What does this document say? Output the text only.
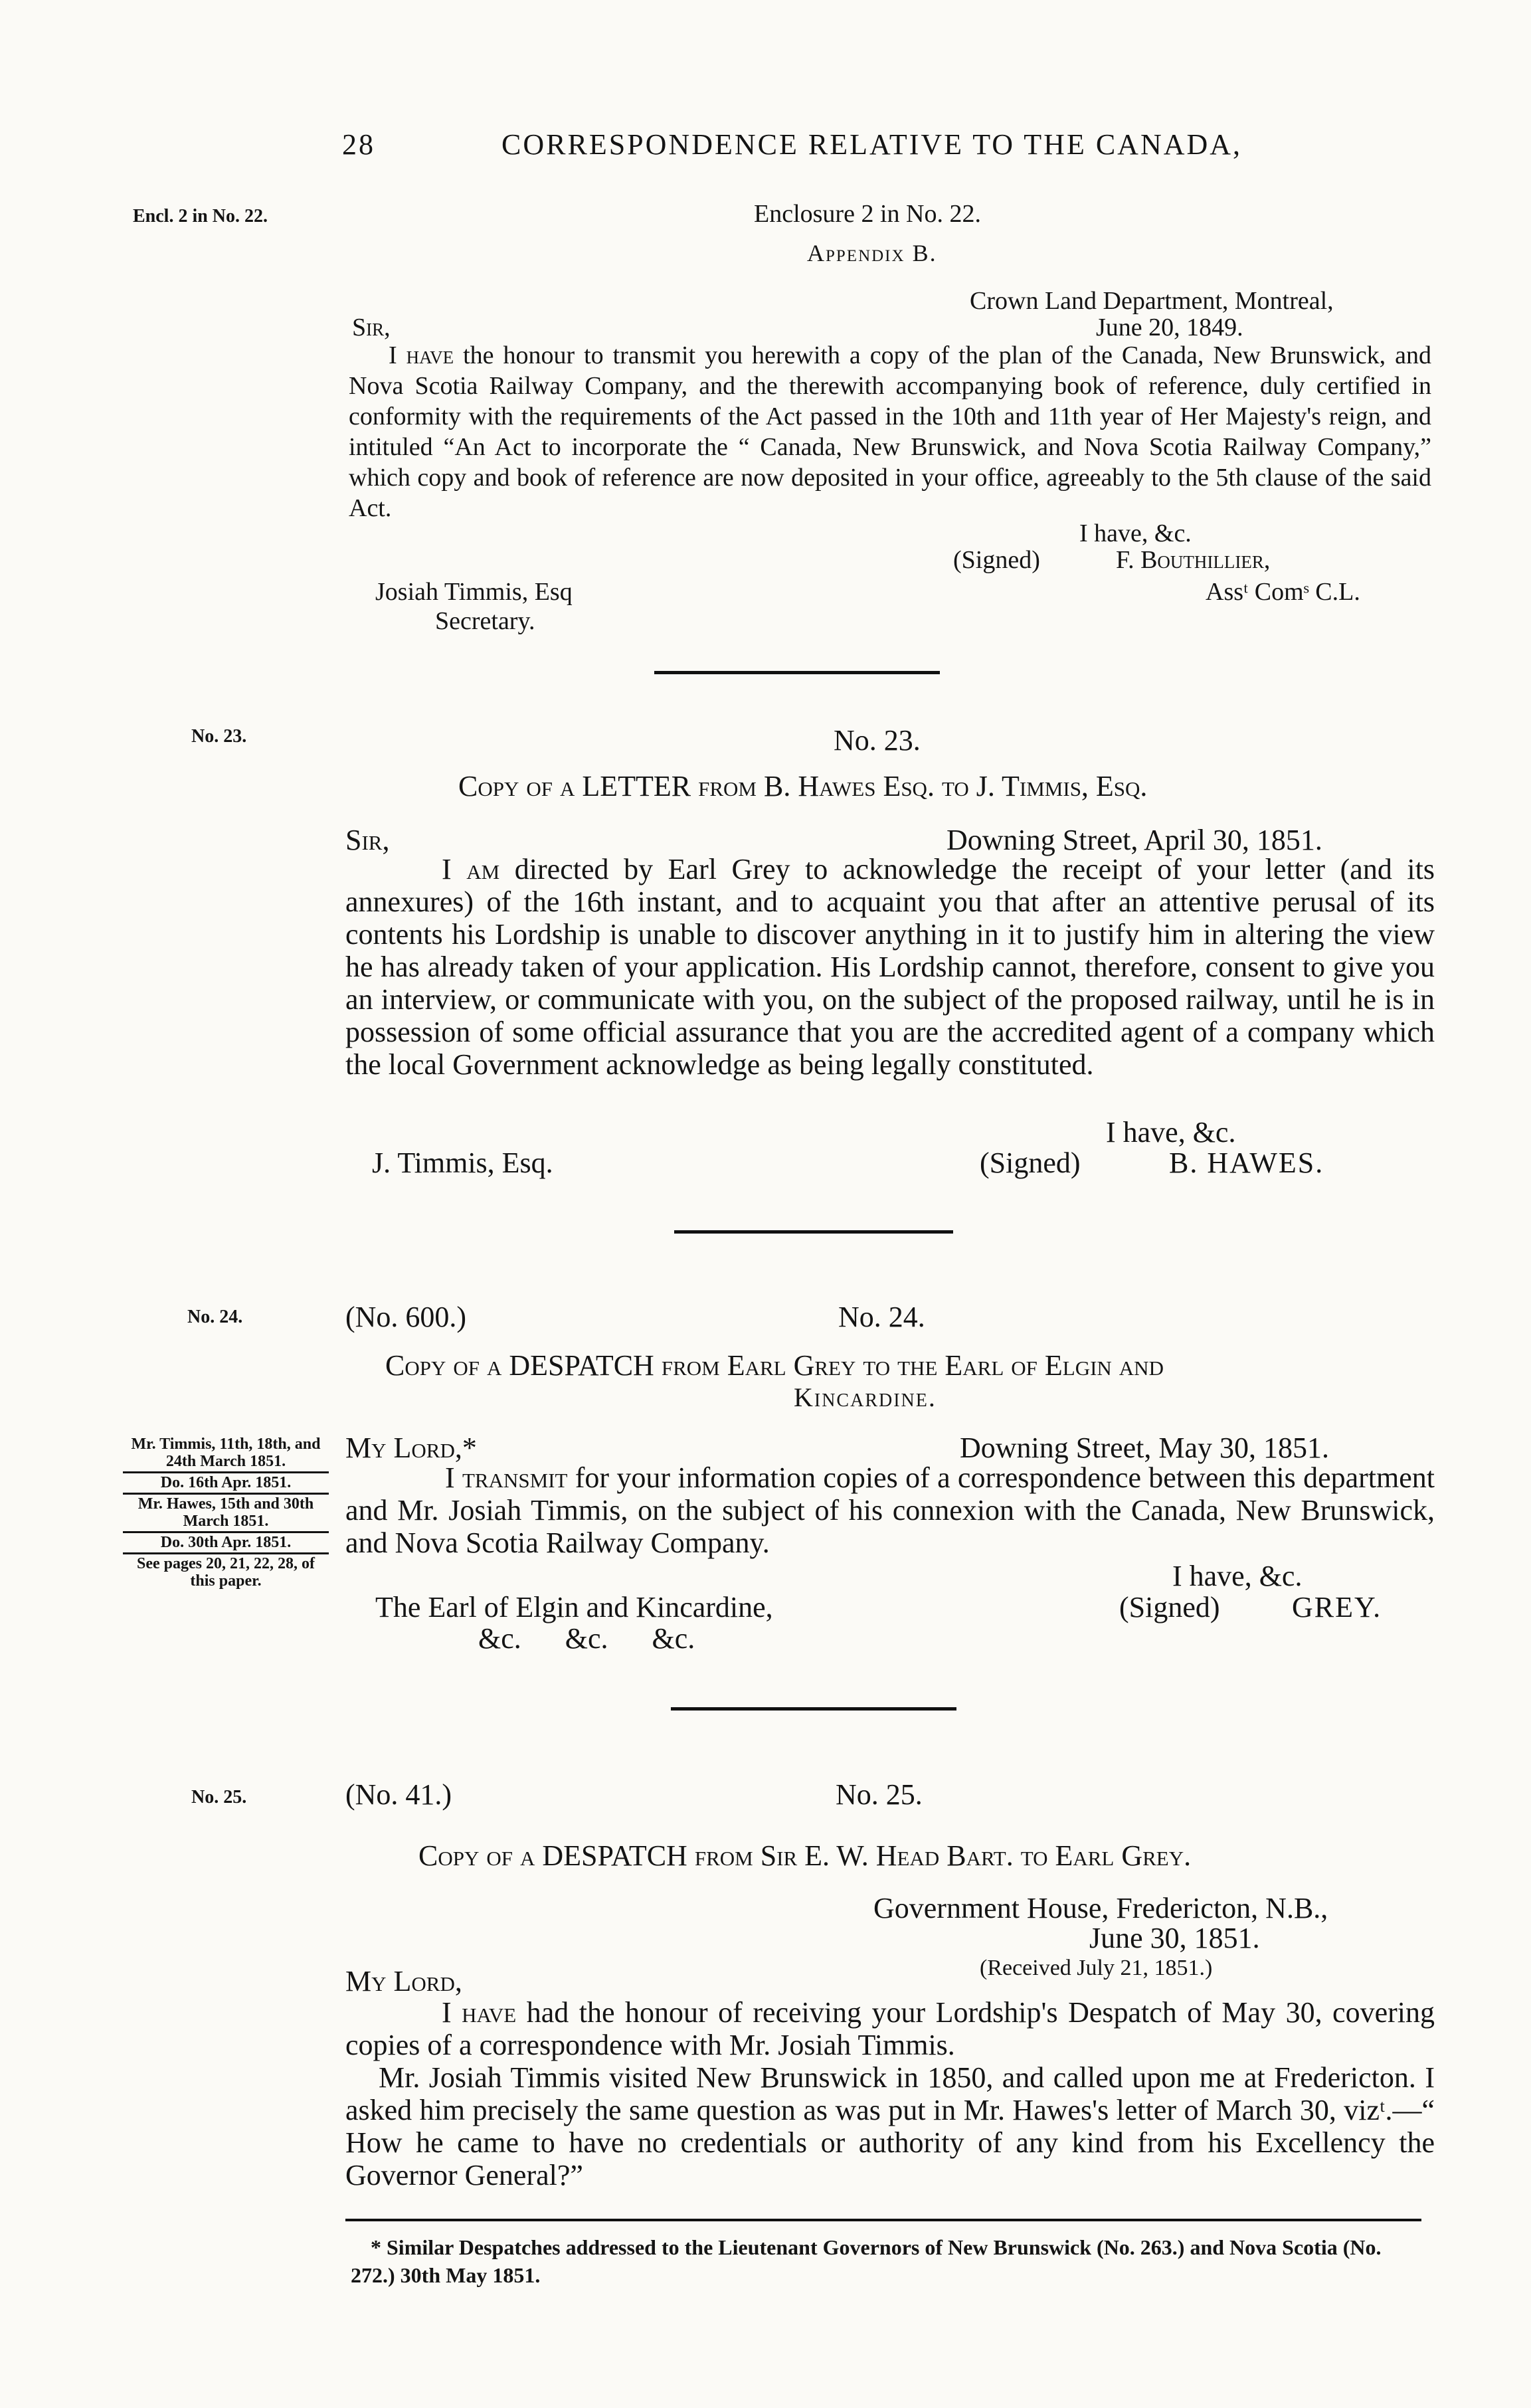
28	CORRESPONDENCE RELATIVE TO THE CANADA,
Encl. 2 in No. 22.	Enclosure 2 in No. 22.
Appendix B.
Crown Land Department, Montreal,
Sir,	June 20, 1849.
I have the honour to transmit you herewith a copy of the plan of the Canada, New Brunswick, and Nova Scotia Railway Company, and the therewith accompanying book of reference, duly certified in conformity with the requirements of the Act passed in the 10th and 11th year of Her Majesty's reign, and intituled “An Act to incorporate the “ Canada, New Brunswick, and Nova Scotia Railway Company,” which copy and book of reference are now deposited in your office, agreeably to the 5th clause of the said Act.
I have, &c.
(Signed)	F. Bouthillier,
Josiah Timmis, Esq	Assᵗ Comˢ C.L.
Secretary.
No. 23.	No. 23.
Copy of a LETTER from B. Hawes Esq. to J. Timmis, Esq.
Sir,	Downing Street, April 30, 1851.
I am directed by Earl Grey to acknowledge the receipt of your letter (and its annexures) of the 16th instant, and to acquaint you that after an attentive perusal of its contents his Lordship is unable to discover anything in it to justify him in altering the view he has already taken of your application. His Lordship cannot, therefore, consent to give you an interview, or communicate with you, on the subject of the proposed railway, until he is in possession of some official assurance that you are the accredited agent of a company which the local Government acknowledge as being legally constituted.
I have, &c.
J. Timmis, Esq.	(Signed)	B. HAWES.
No. 24.	(No. 600.)	No. 24.
Copy of a DESPATCH from Earl Grey to the Earl of Elgin and
Kincardine.
Mr. Timmis, 11th, 18th, and 24th March 1851.
Do. 16th Apr. 1851.
Mr. Hawes, 15th and 30th March 1851.
Do. 30th Apr. 1851.
See pages 20, 21, 22, 28, of this paper.
My Lord,*	Downing Street, May 30, 1851.
I transmit for your information copies of a correspondence between this department and Mr. Josiah Timmis, on the subject of his connexion with the Canada, New Brunswick, and Nova Scotia Railway Company.
I have, &c.
The Earl of Elgin and Kincardine,	(Signed) GREY.
&c.      &c.      &c.
No. 25.	(No. 41.)	No. 25.
Copy of a DESPATCH from Sir E. W. Head Bart. to Earl Grey.
Government House, Fredericton, N.B.,
June 30, 1851.
(Received July 21, 1851.)
My Lord,
I have had the honour of receiving your Lordship's Despatch of May 30, covering copies of a correspondence with Mr. Josiah Timmis.
Mr. Josiah Timmis visited New Brunswick in 1850, and called upon me at Fredericton. I asked him precisely the same question as was put in Mr. Hawes's letter of March 30, vizᵗ.—“ How he came to have no credentials or authority of any kind from his Excellency the Governor General?”
* Similar Despatches addressed to the Lieutenant Governors of New Brunswick (No. 263.) and Nova Scotia (No. 272.) 30th May 1851.
